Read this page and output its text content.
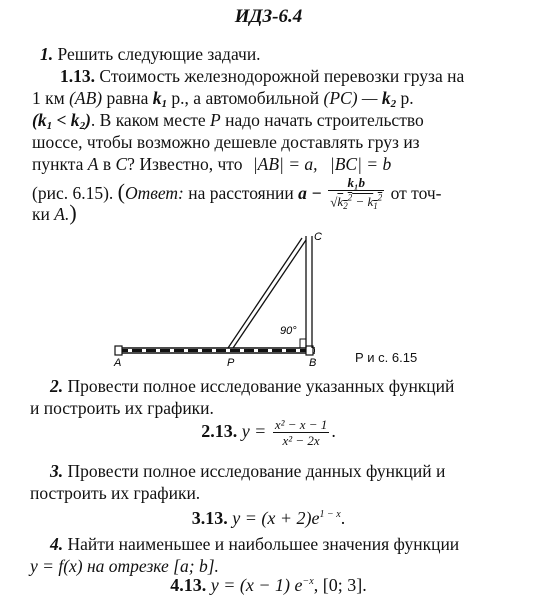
ИДЗ-6.4
1. Решить следующие задачи.
1.13. Стоимость железнодорожной перевозки груза на
1 км (AB) равна $k_1$ р., а автомобильной (PC) — $k_2$ р.
$(k_1 < k_2)$. В каком месте P надо начать строительство
шоссе, чтобы возможно дешевле доставлять груз из
пункта A в C? Известно, что |AB| = a, |BC| = b
(рис. 6.15). (Ответ: на расстоянии $a - \frac{\text{k₁b}}{√k_2^2 - k_1^2}$ от точ-
ки A.)
A	P	B
C
90°
Р и с. 6.15
2. Провести полное исследование указанных функций
и построить их графики.
2.13. $y = \frac{\text{x² − x − 1}}{\text{x² − 2x}}$ .
3. Провести полное исследование данных функций и
построить их графики.
3.13. $y = (x + 2)e^{1 - x}$.
4. Найти наименьшее и наибольшее значения функции
y = f(x) на отрезке [a; b].
4.13. y = (x − 1) $e^{-x}$, [0; 3].
